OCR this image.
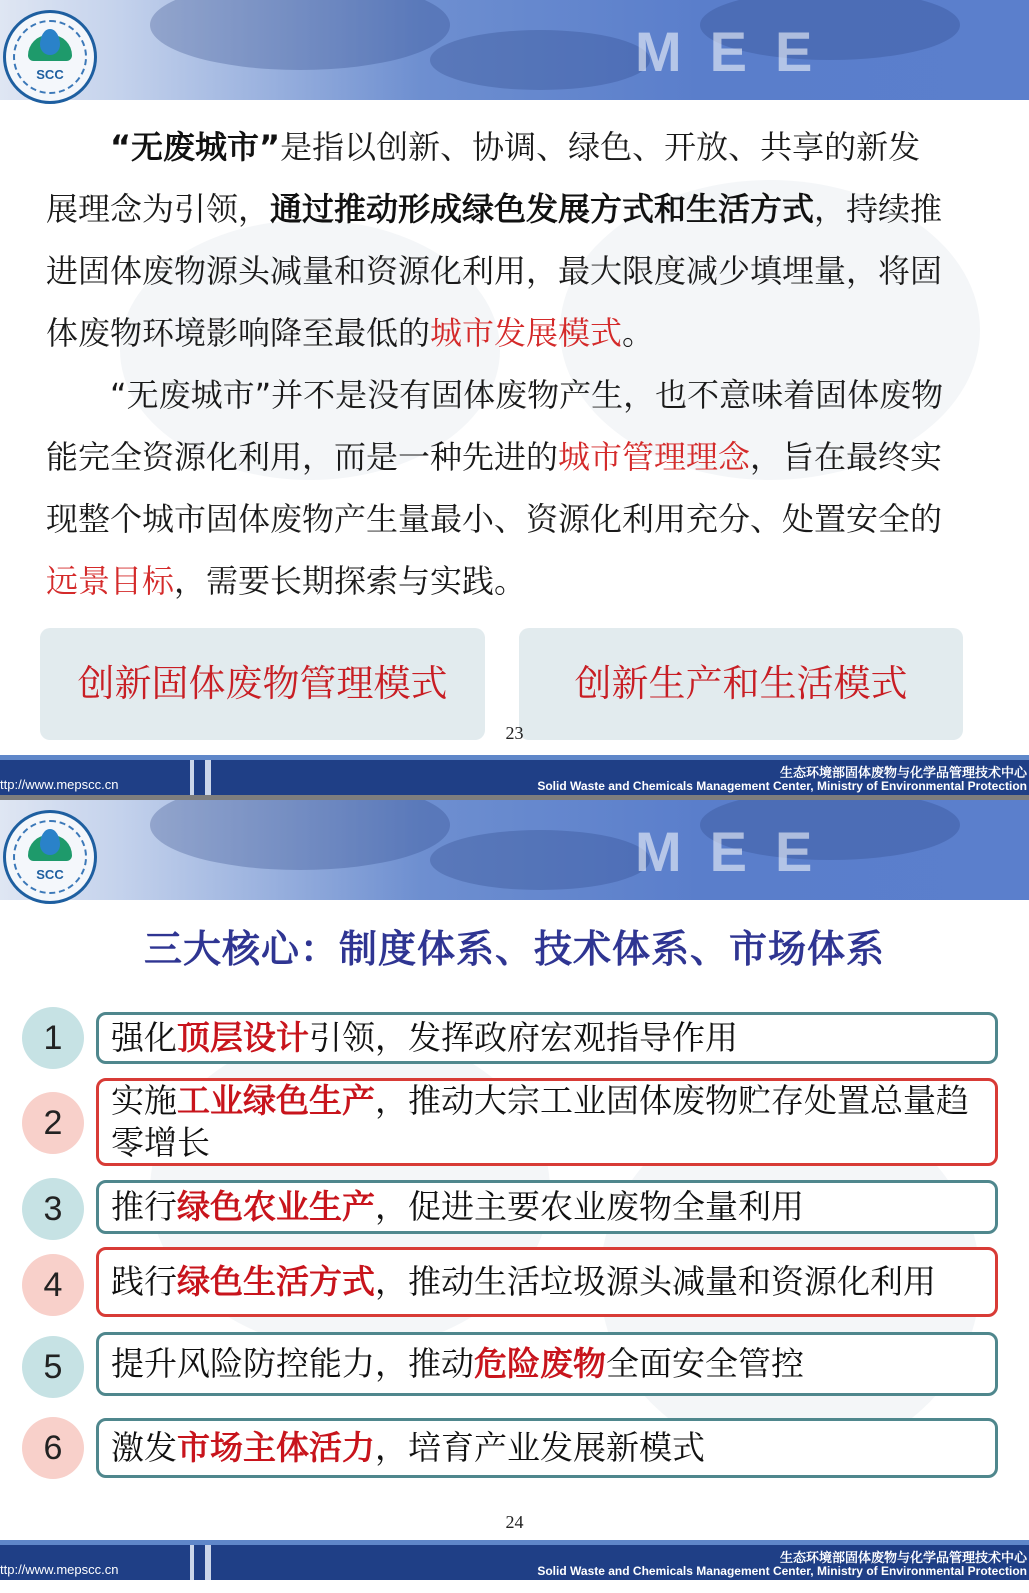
MEE
SCC
“无废城市”是指以创新、协调、绿色、开放、共享的新发展理念为引领，通过推动形成绿色发展方式和生活方式，持续推进固体废物源头减量和资源化利用，最大限度减少填埋量，将固体废物环境影响降至最低的城市发展模式。
“无废城市”并不是没有固体废物产生，也不意味着固体废物能完全资源化利用，而是一种先进的城市管理理念，旨在最终实现整个城市固体废物产生量最小、资源化利用充分、处置安全的远景目标，需要长期探索与实践。
创新固体废物管理模式	创新生产和生活模式
23
ttp://www.mepscc.cn
生态环境部固体废物与化学品管理技术中心
Solid Waste and Chemicals Management Center, Ministry of Environmental Protection
MEE
SCC
三大核心：制度体系、技术体系、市场体系
1	强化 顶层设计 引领，发挥政府宏观指导作用
2
实施工业绿色生产，推动大宗工业固体废物贮存处置总量趋零增长
3	推行 绿色农业生产 ，促进主要农业废物全量利用
4	践行 绿色生活方式 ，推动生活垃圾源头减量和资源化利用
5	提升风险防控能力，推动 危险废物 全面安全管控
6	激发 市场主体活力 ，培育产业发展新模式
24
ttp://www.mepscc.cn
生态环境部固体废物与化学品管理技术中心
Solid Waste and Chemicals Management Center, Ministry of Environmental Protection
